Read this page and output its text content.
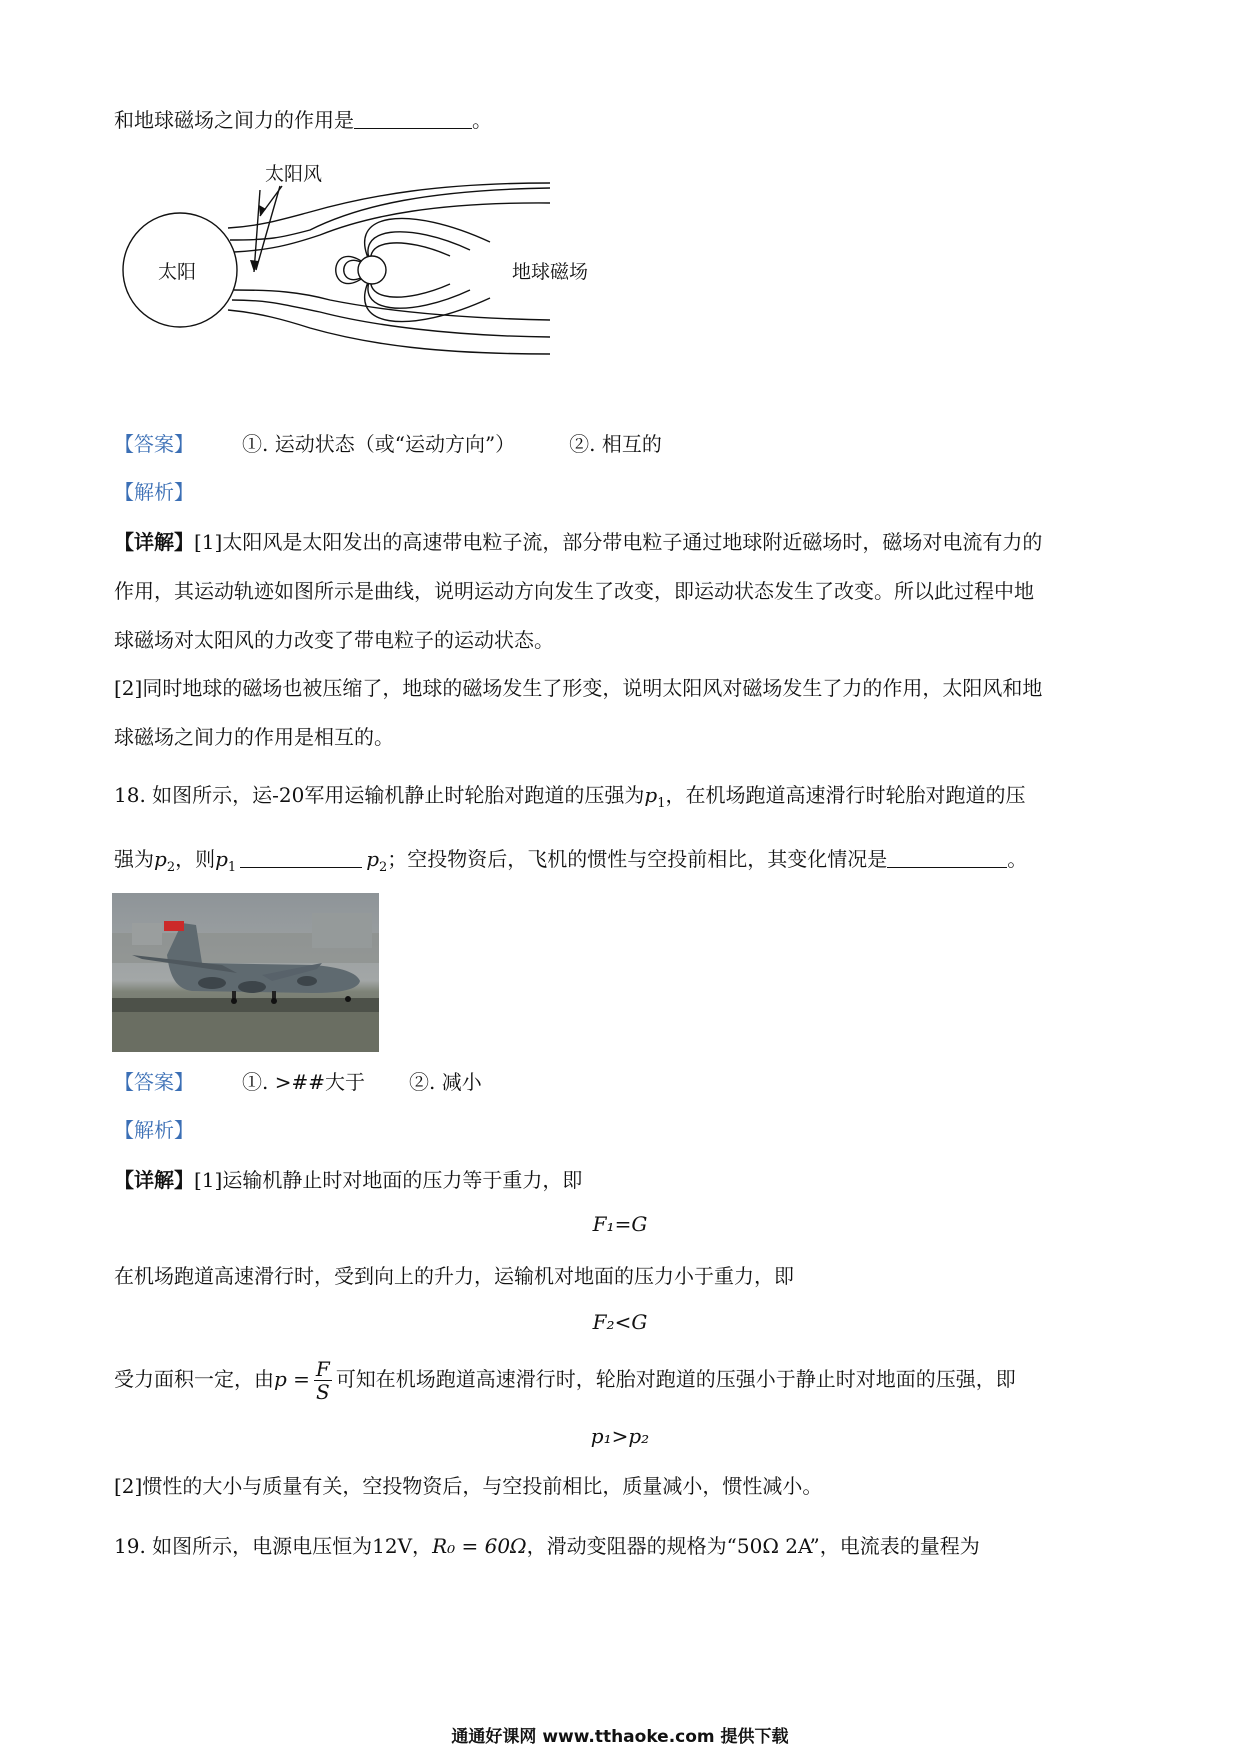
和地球磁场之间力的作用是	。
太阳风
太阳	地球磁场
【答案】 ①. 运动状态（或“运动方向”）	②. 相互的
【解析】
【详解】[1]太阳风是太阳发出的高速带电粒子流，部分带电粒子通过地球附近磁场时，磁场对电流有力的
作用，其运动轨迹如图所示是曲线，说明运动方向发生了改变，即运动状态发生了改变。所以此过程中地
球磁场对太阳风的力改变了带电粒子的运动状态。
[2]同时地球的磁场也被压缩了，地球的磁场发生了形变，说明太阳风对磁场发生了力的作用，太阳风和地
球磁场之间力的作用是相互的。
18. 如图所示，运-20军用运输机静止时轮胎对跑道的压强为$p_1$，在机场跑道高速滑行时轮胎对跑道的压
强为$p_2$，则$p_1$	$p_2$；空投物资后，飞机的惯性与空投前相比，其变化情况是	。
【答案】 ①. >##大于 ②. 减小
【解析】
【详解】[1]运输机静止时对地面的压力等于重力，即
F₁=G
在机场跑道高速滑行时，受到向上的升力，运输机对地面的压力小于重力，即
F₂<G
受力面积一定，由$p = \frac{F}{S}$ 可知在机场跑道高速滑行时，轮胎对跑道的压强小于静止时对地面的压强，即
p₁>p₂
[2]惯性的大小与质量有关，空投物资后，与空投前相比，质量减小，惯性减小。
19. 如图所示，电源电压恒为12V，R₀ = 60Ω，滑动变阻器的规格为“50Ω 2A”，电流表的量程为
通通好课网 www.tthaoke.com 提供下载
